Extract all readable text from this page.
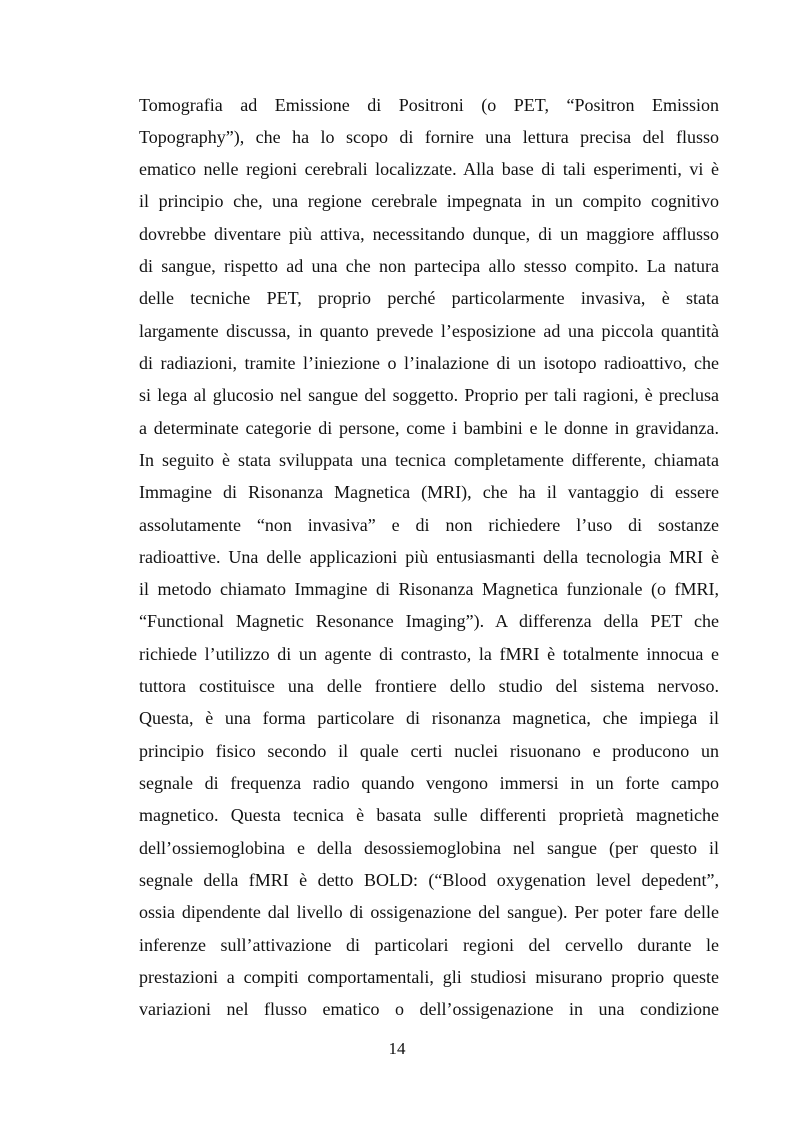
Tomografia ad Emissione di Positroni (o PET, “Positron Emission

Topography”), che ha lo scopo di fornire una lettura precisa del flusso

ematico nelle regioni cerebrali localizzate. Alla base di tali esperimenti, vi è

il principio che, una regione cerebrale impegnata in un compito cognitivo

dovrebbe diventare più attiva, necessitando dunque, di un maggiore afflusso

di sangue, rispetto ad una che non partecipa allo stesso compito. La natura

delle tecniche PET, proprio perché particolarmente invasiva, è stata

largamente discussa, in quanto prevede l’esposizione ad una piccola quantità

di radiazioni, tramite l’iniezione o l’inalazione di un isotopo radioattivo, che

si lega al glucosio nel sangue del soggetto. Proprio per tali ragioni, è preclusa

a determinate categorie di persone, come i bambini e le donne in gravidanza.

In seguito è stata sviluppata una tecnica completamente differente, chiamata

Immagine di Risonanza Magnetica (MRI), che ha il vantaggio di essere

assolutamente “non invasiva” e di non richiedere l’uso di sostanze

radioattive. Una delle applicazioni più entusiasmanti della tecnologia MRI è

il metodo chiamato Immagine di Risonanza Magnetica funzionale (o fMRI,

“Functional Magnetic Resonance Imaging”). A differenza della PET che

richiede l’utilizzo di un agente di contrasto, la fMRI è totalmente innocua e

tuttora costituisce una delle frontiere dello studio del sistema nervoso.

Questa, è una forma particolare di risonanza magnetica, che impiega il

principio fisico secondo il quale certi nuclei risuonano e producono un

segnale di frequenza radio quando vengono immersi in un forte campo

magnetico. Questa tecnica è basata sulle differenti proprietà magnetiche

dell’ossiemoglobina e della desossiemoglobina nel sangue (per questo il

segnale della fMRI è detto BOLD: (“Blood oxygenation level depedent”,

ossia dipendente dal livello di ossigenazione del sangue). Per poter fare delle

inferenze sull’attivazione di particolari regioni del cervello durante le

prestazioni a compiti comportamentali, gli studiosi misurano proprio queste

variazioni nel flusso ematico o dell’ossigenazione in una condizione

14
